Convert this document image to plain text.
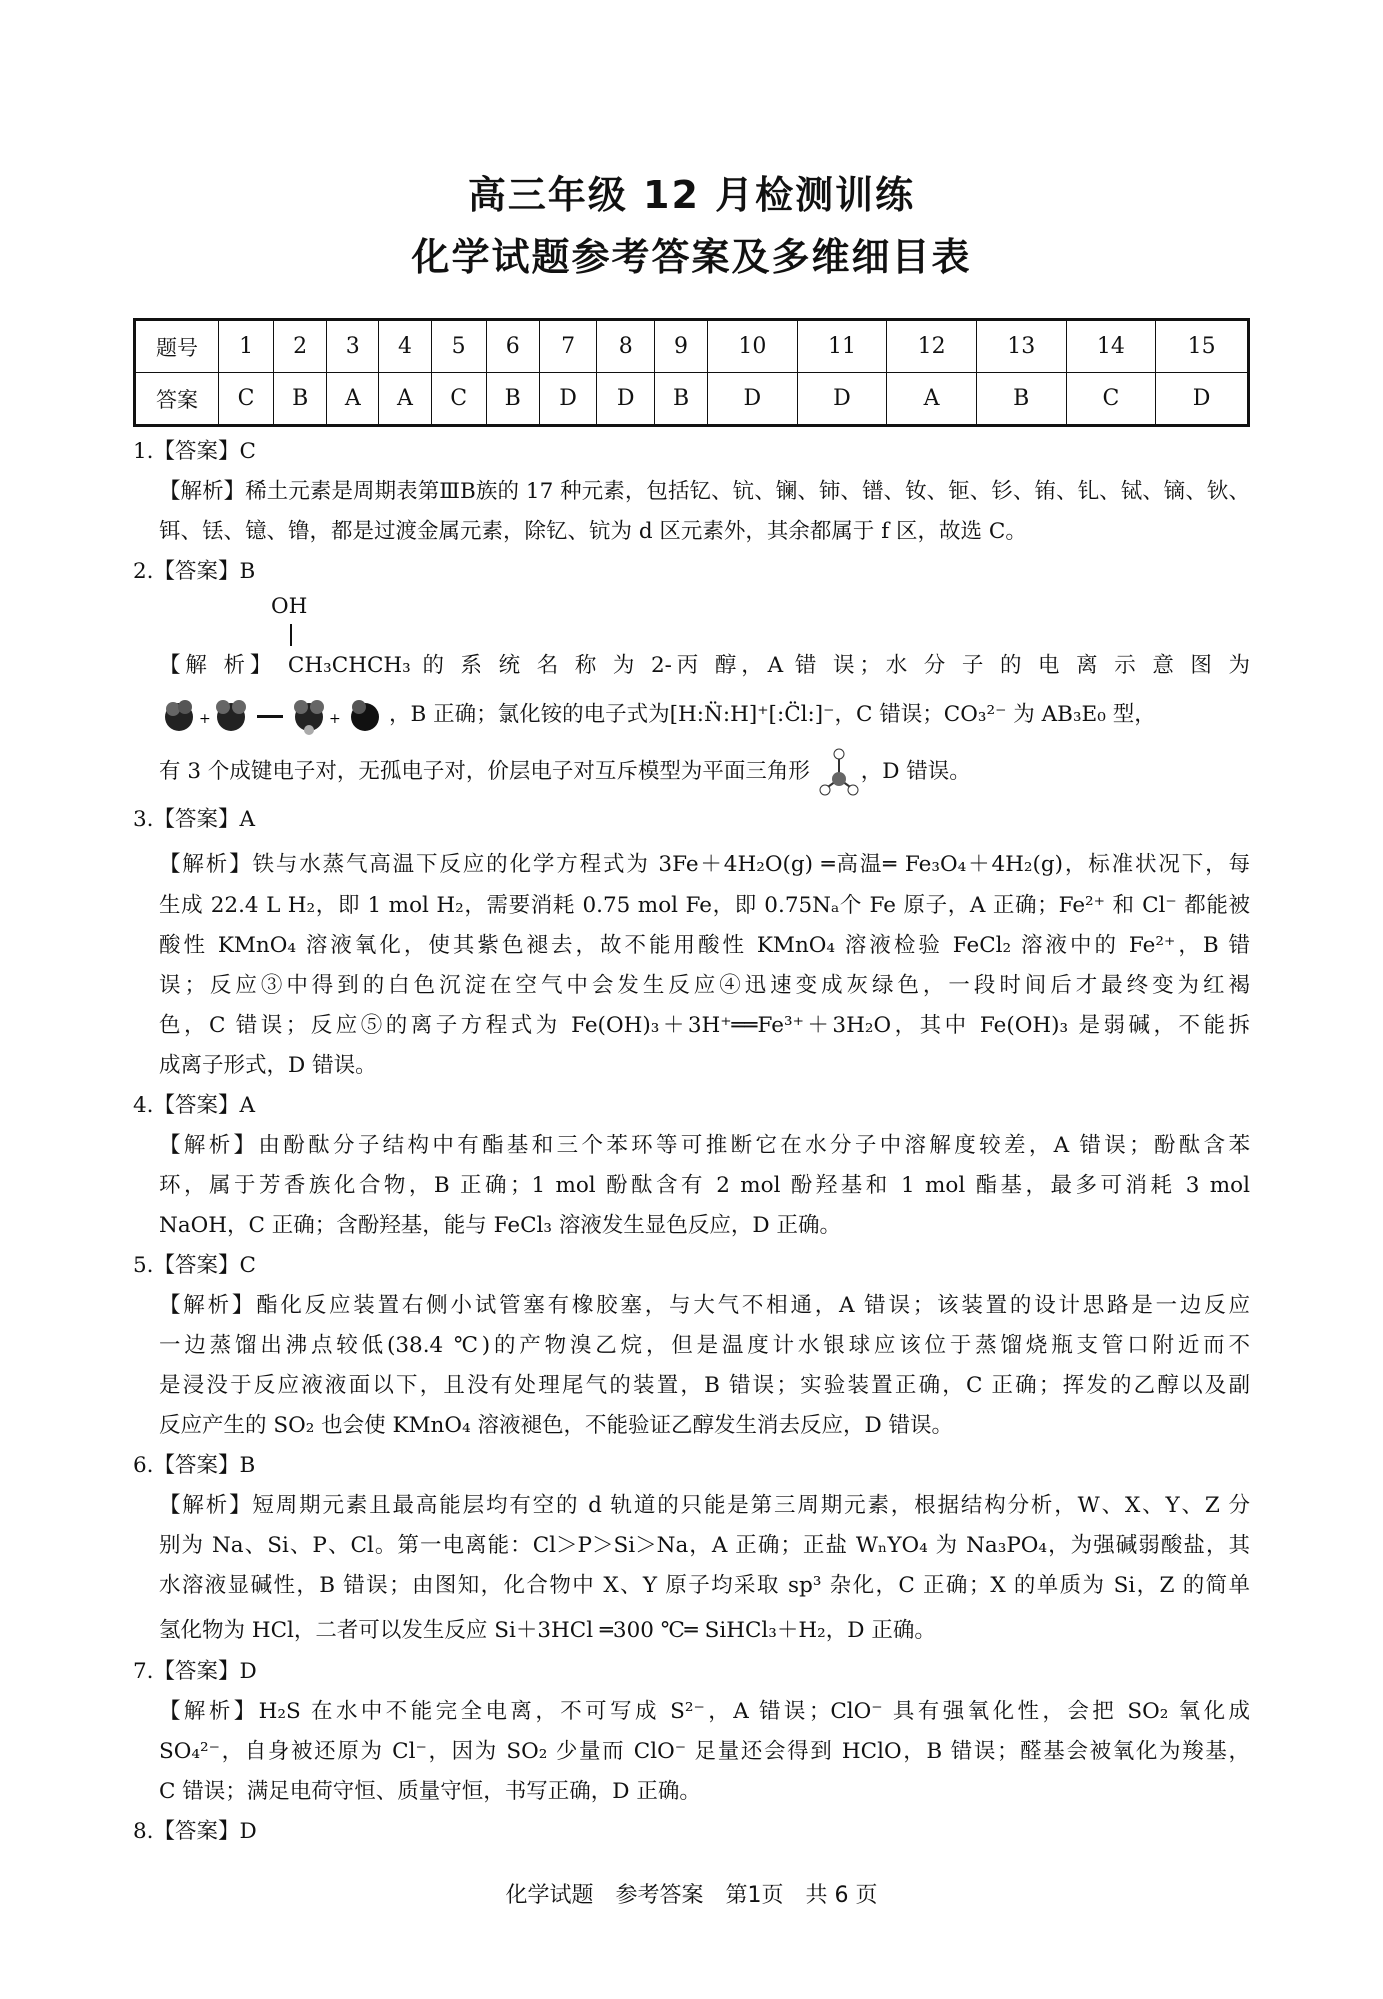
高三年级 12 月检测训练
化学试题参考答案及多维细目表
题号	1	2	3	4	5	6	7	8	9	10	11	12	13	14	15
答案	C	B	A	A	C	B	D	D	B	D	D	A	B	C	D
1.【答案】C
【解析】稀土元素是周期表第ⅢB族的 17 种元素，包括钇、钪、镧、铈、镨、钕、钷、钐、铕、钆、铽、镝、钬、
铒、铥、镱、镥，都是过渡金属元素，除钇、钪为 d 区元素外，其余都属于 f 区，故选 C。
2.【答案】B
OH
【解 析】 CH₃CHCH₃ 的 系 统 名 称 为 2-丙 醇，A 错 误；水 分 子 的 电 离 示 意 图 为
+	+ ，B 正确；氯化铵的电子式为[H:N̈:H]⁺[:C̈l:]⁻，C 错误；CO₃²⁻ 为 AB₃E₀ 型，
有 3 个成键电子对，无孤电子对，价层电子对互斥模型为平面三角形 ，D 错误。
3.【答案】A
【解析】铁与水蒸气高温下反应的化学方程式为 3Fe＋4H₂O(g) ═高温═ Fe₃O₄＋4H₂(g)，标准状况下，每
生成 22.4 L H₂，即 1 mol H₂，需要消耗 0.75 mol Fe，即 0.75Nₐ个 Fe 原子，A 正确；Fe²⁺ 和 Cl⁻ 都能被
酸性 KMnO₄ 溶液氧化，使其紫色褪去，故不能用酸性 KMnO₄ 溶液检验 FeCl₂ 溶液中的 Fe²⁺，B 错
误；反应③中得到的白色沉淀在空气中会发生反应④迅速变成灰绿色，一段时间后才最终变为红褐
色，C 错误；反应⑤的离子方程式为 Fe(OH)₃＋3H⁺══Fe³⁺＋3H₂O，其中 Fe(OH)₃ 是弱碱，不能拆
成离子形式，D 错误。
4.【答案】A
【解析】由酚酞分子结构中有酯基和三个苯环等可推断它在水分子中溶解度较差，A 错误；酚酞含苯
环，属于芳香族化合物，B 正确；1 mol 酚酞含有 2 mol 酚羟基和 1 mol 酯基，最多可消耗 3 mol
NaOH，C 正确；含酚羟基，能与 FeCl₃ 溶液发生显色反应，D 正确。
5.【答案】C
【解析】酯化反应装置右侧小试管塞有橡胶塞，与大气不相通，A 错误；该装置的设计思路是一边反应
一边蒸馏出沸点较低(38.4 ℃)的产物溴乙烷，但是温度计水银球应该位于蒸馏烧瓶支管口附近而不
是浸没于反应液液面以下，且没有处理尾气的装置，B 错误；实验装置正确，C 正确；挥发的乙醇以及副
反应产生的 SO₂ 也会使 KMnO₄ 溶液褪色，不能验证乙醇发生消去反应，D 错误。
6.【答案】B
【解析】短周期元素且最高能层均有空的 d 轨道的只能是第三周期元素，根据结构分析，W、X、Y、Z 分
别为 Na、Si、P、Cl。第一电离能：Cl＞P＞Si＞Na，A 正确；正盐 WₙYO₄ 为 Na₃PO₄，为强碱弱酸盐，其
水溶液显碱性，B 错误；由图知，化合物中 X、Y 原子均采取 sp³ 杂化，C 正确；X 的单质为 Si，Z 的简单
氢化物为 HCl，二者可以发生反应 Si＋3HCl ═300 ℃═ SiHCl₃＋H₂，D 正确。
7.【答案】D
【解析】H₂S 在水中不能完全电离，不可写成 S²⁻，A 错误；ClO⁻ 具有强氧化性，会把 SO₂ 氧化成
SO₄²⁻，自身被还原为 Cl⁻，因为 SO₂ 少量而 ClO⁻ 足量还会得到 HClO，B 错误；醛基会被氧化为羧基，
C 错误；满足电荷守恒、质量守恒，书写正确，D 正确。
8.【答案】D
化学试题　参考答案　第1页　共 6 页
